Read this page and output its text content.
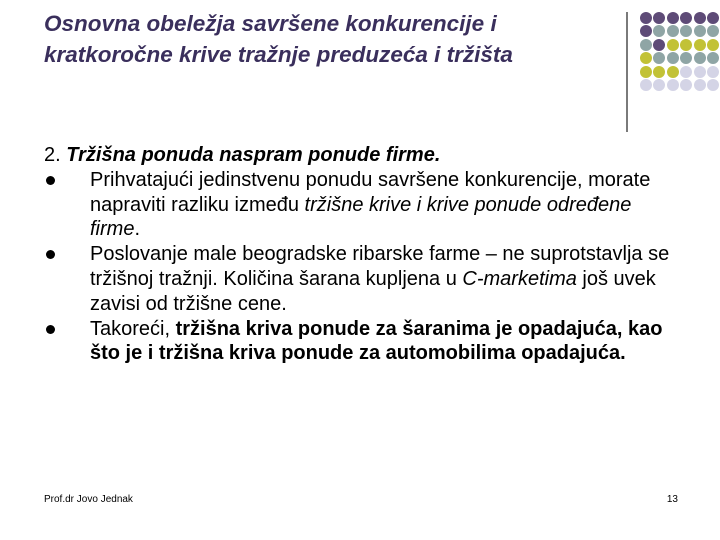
Osnovna obeležja savršene konkurencije i kratkoročne krive tražnje preduzeća i tržišta

2. Tržišna ponuda naspram ponude firme.

Prihvatajući jedinstvenu ponudu savršene konkurencije, morate napraviti razliku između tržišne krive i krive ponude određene firme.

Poslovanje male beogradske ribarske farme – ne suprotstavlja se tržišnoj tražnji. Količina šarana kupljena u C-marketima još uvek zavisi od tržišne cene.

Takoreći, tržišna kriva ponude za šaranima je opadajuća, kao što je i tržišna kriva ponude za automobilima opadajuća.

Prof.dr Jovo Jednak	13
